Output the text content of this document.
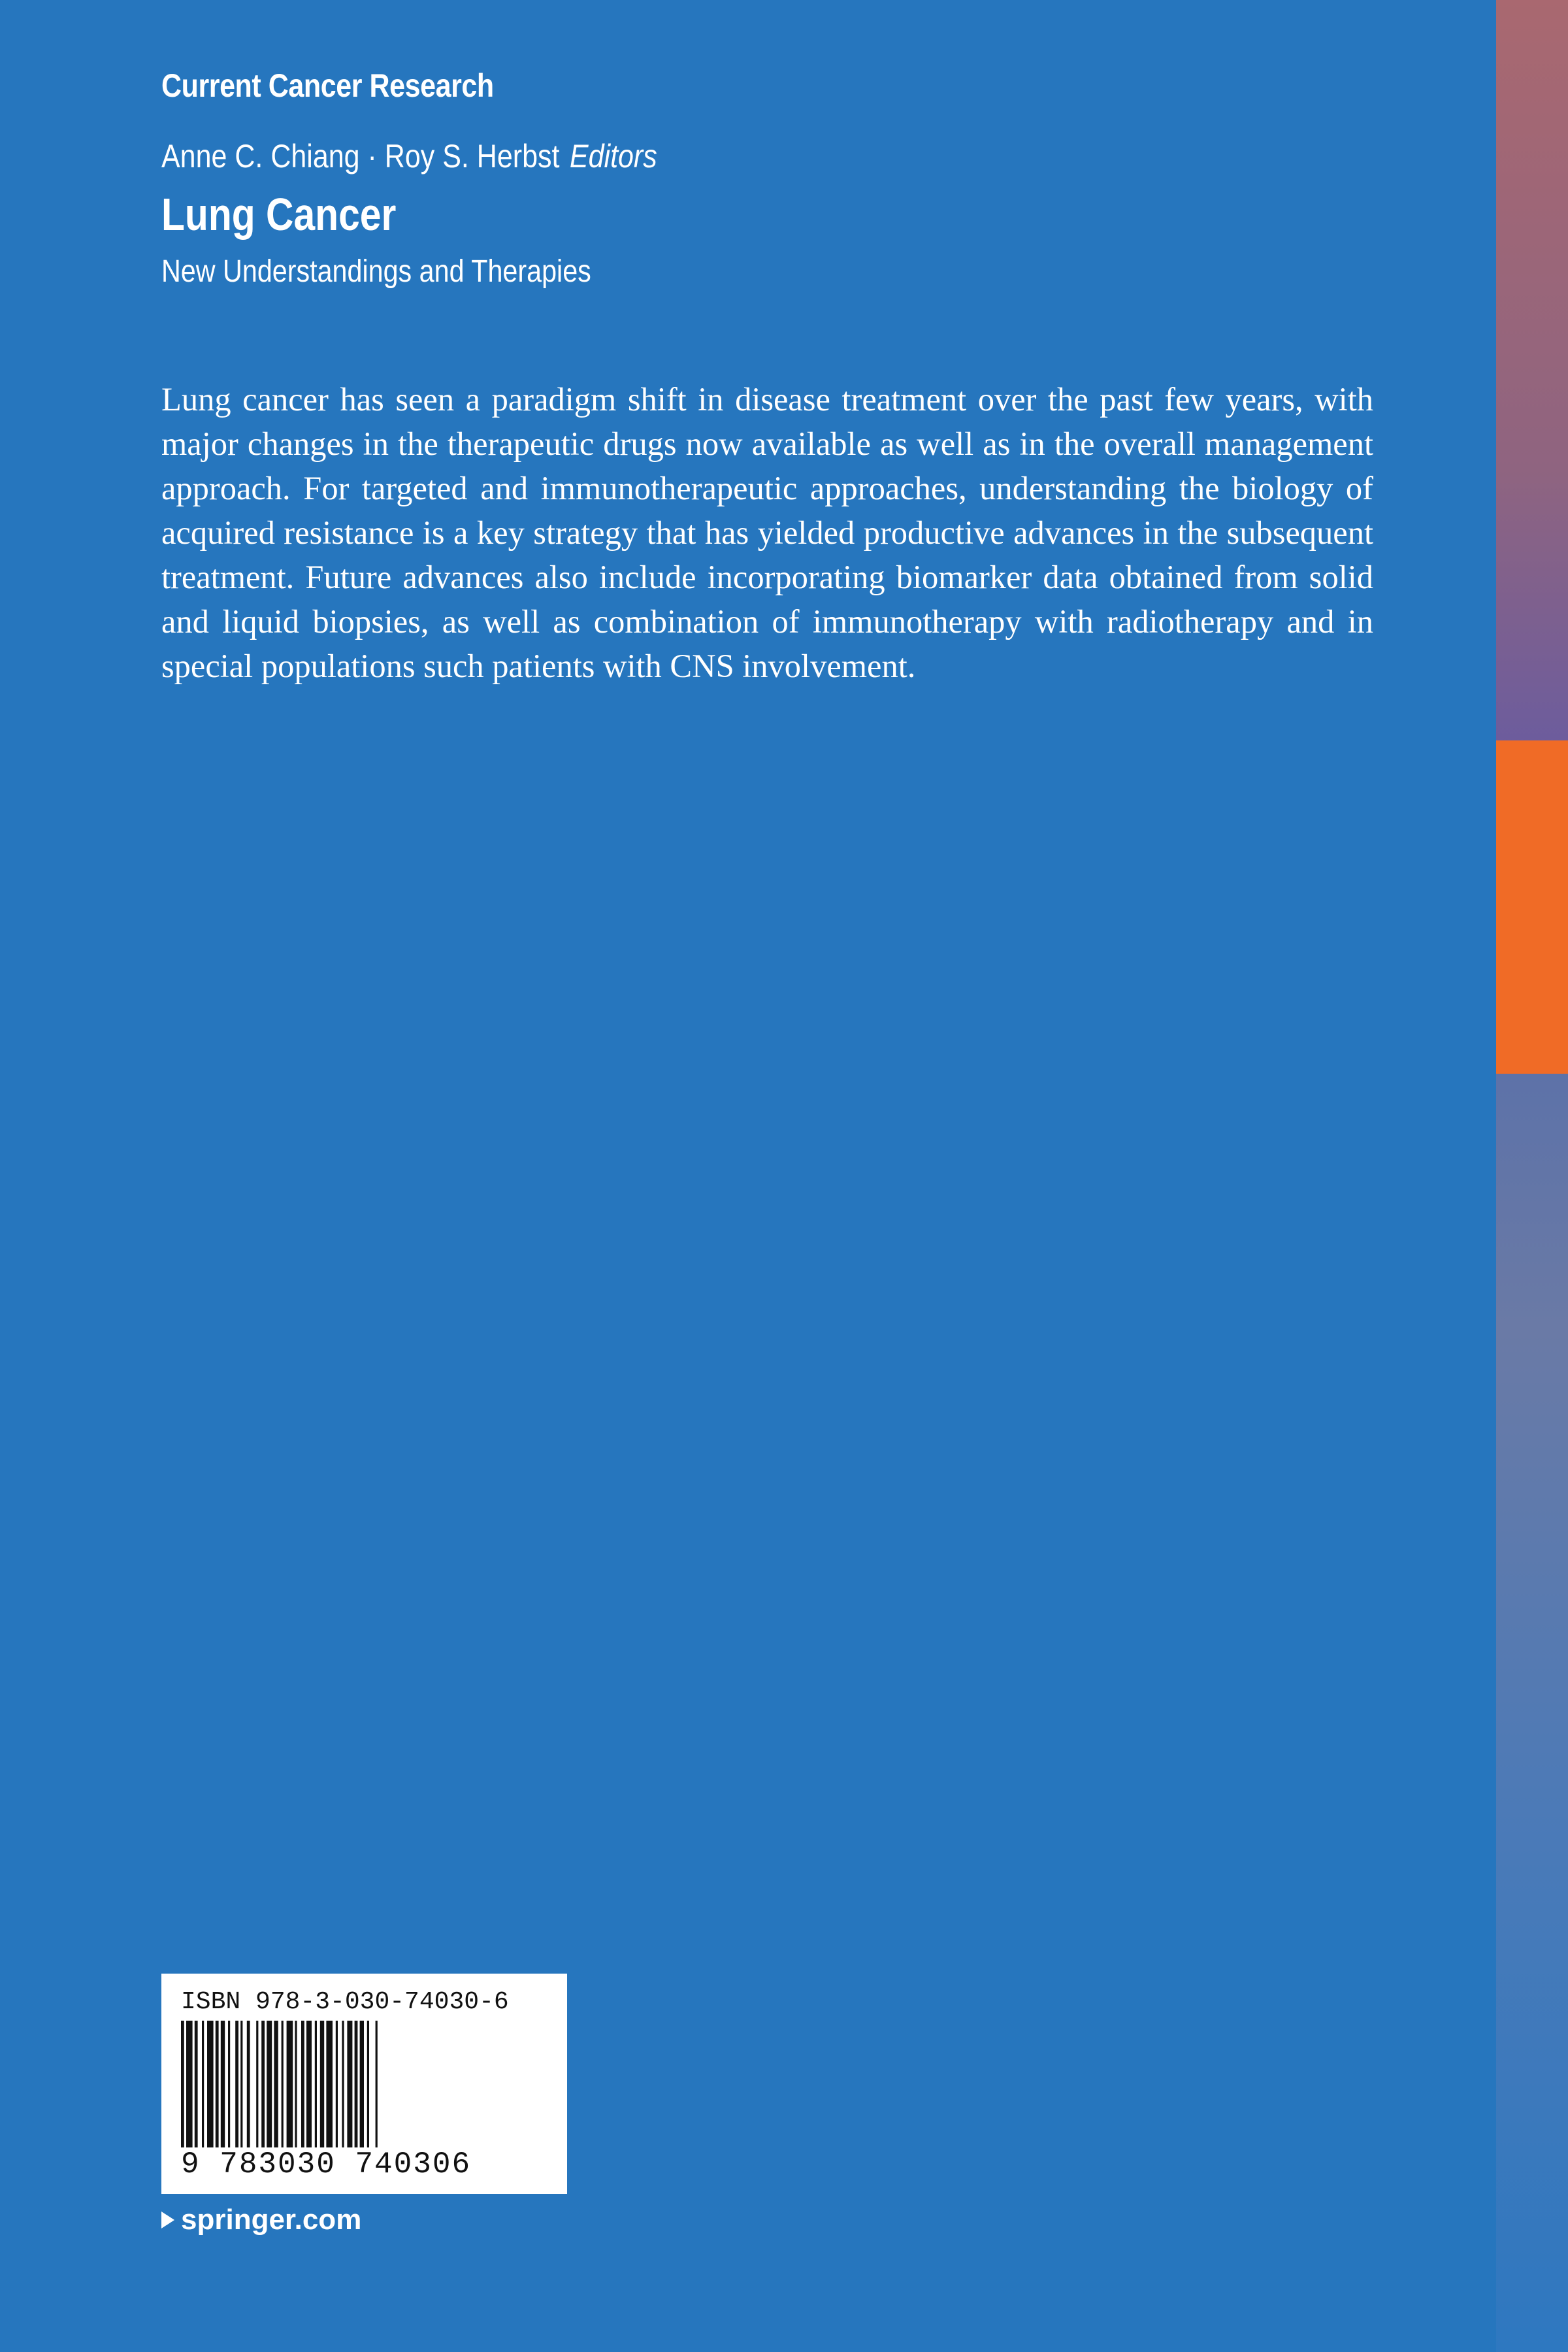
Current Cancer Research
Anne C. Chiang · Roy S. Herbst Editors
Lung Cancer
New Understandings and Therapies
Lung cancer has seen a paradigm shift in disease treatment over the past few years, with major changes in the therapeutic drugs now available as well as in the overall management approach. For targeted and immunotherapeutic approaches, understanding the biology of acquired resistance is a key strategy that has yielded productive advances in the subsequent treatment. Future advances also include incorporating biomarker data obtained from solid and liquid biopsies, as well as combination of immunotherapy with radiotherapy and in special populations such patients with CNS involvement.
ISBN 978-3-030-74030-6
9 783030 740306
springer.com
